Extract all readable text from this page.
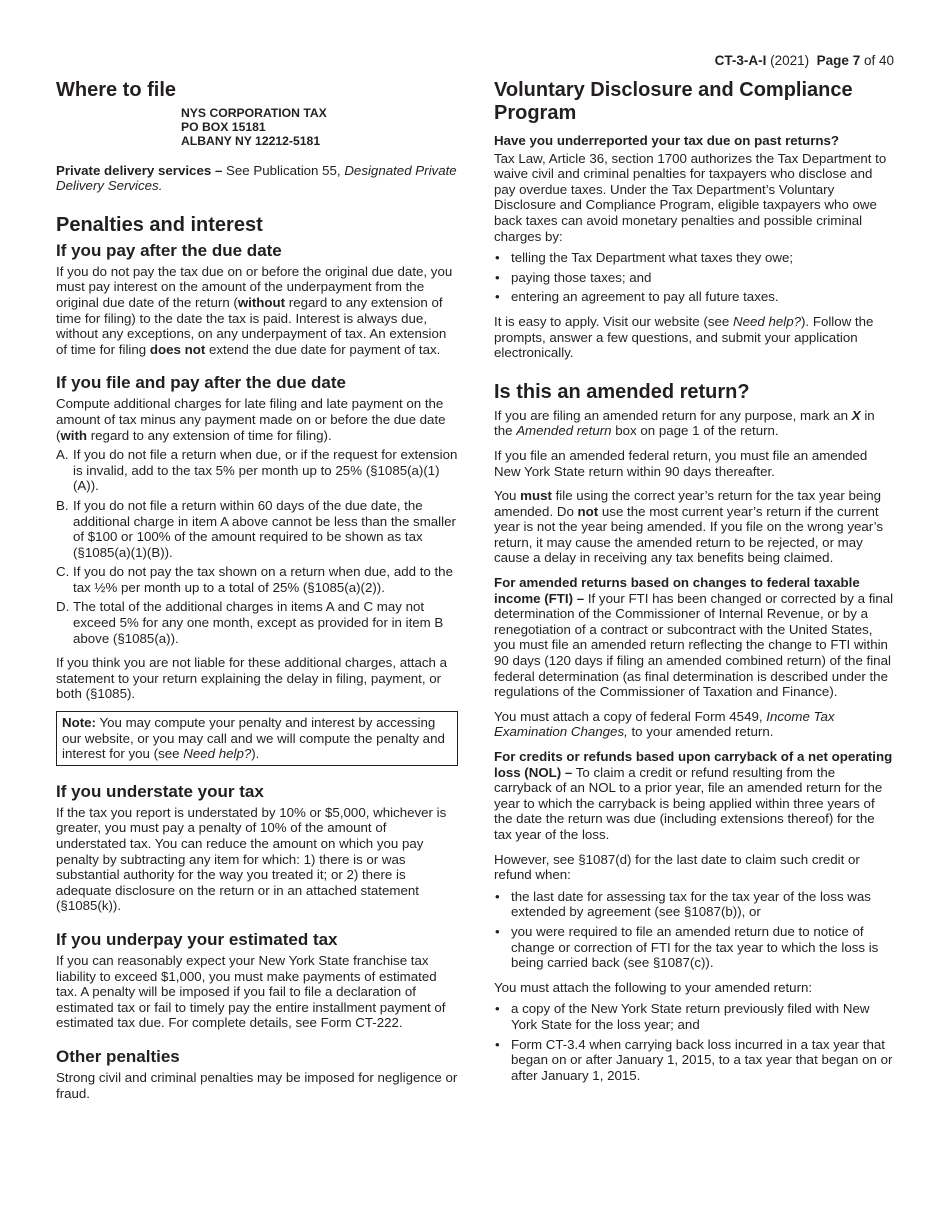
CT-3-A-I (2021) Page 7 of 40
Where to file
NYS CORPORATION TAX
PO BOX 15181
ALBANY NY 12212-5181

Private delivery services – See Publication 55, Designated Private Delivery Services.

Penalties and interest
If you pay after the due date

If you do not pay the tax due on or before the original due date, you must pay interest on the amount of the underpayment from the original due date of the return (without regard to any extension of time for filing) to the date the tax is paid. Interest is always due, without any exceptions, on any underpayment of tax. An extension of time for filing does not extend the due date for payment of tax.

If you file and pay after the due date

Compute additional charges for late filing and late payment on the amount of tax minus any payment made on or before the due date (with regard to any extension of time for filing).

A. If you do not file a return when due, or if the request for extension is invalid, add to the tax 5% per month up to 25% (§1085(a)(1)(A)).
B. If you do not file a return within 60 days of the due date, the additional charge in item A above cannot be less than the smaller of $100 or 100% of the amount required to be shown as tax (§1085(a)(1)(B)).
C. If you do not pay the tax shown on a return when due, add to the tax ½% per month up to a total of 25% (§1085(a)(2)).
D. The total of the additional charges in items A and C may not exceed 5% for any one month, except as provided for in item B above (§1085(a)).

If you think you are not liable for these additional charges, attach a statement to your return explaining the delay in filing, payment, or both (§1085).

Note: You may compute your penalty and interest by accessing our website, or you may call and we will compute the penalty and interest for you (see Need help?).
If you understate your tax

If the tax you report is understated by 10% or $5,000, whichever is greater, you must pay a penalty of 10% of the amount of understated tax. You can reduce the amount on which you pay penalty by subtracting any item for which: 1) there is or was substantial authority for the way you treated it; or 2) there is adequate disclosure on the return or in an attached statement (§1085(k)).

If you underpay your estimated tax

If you can reasonably expect your New York State franchise tax liability to exceed $1,000, you must make payments of estimated tax. A penalty will be imposed if you fail to file a declaration of estimated tax or fail to timely pay the entire installment payment of estimated tax due. For complete details, see Form CT-222.

Other penalties

Strong civil and criminal penalties may be imposed for negligence or fraud.

Voluntary Disclosure and Compliance Program
Have you underreported your tax due on past returns?

Tax Law, Article 36, section 1700 authorizes the Tax Department to waive civil and criminal penalties for taxpayers who disclose and pay overdue taxes. Under the Tax Department’s Voluntary Disclosure and Compliance Program, eligible taxpayers who owe back taxes can avoid monetary penalties and possible criminal charges by:

• telling the Tax Department what taxes they owe;
• paying those taxes; and
• entering an agreement to pay all future taxes.

It is easy to apply. Visit our website (see Need help?). Follow the prompts, answer a few questions, and submit your application electronically.

Is this an amended return?

If you are filing an amended return for any purpose, mark an X in the Amended return box on page 1 of the return.

If you file an amended federal return, you must file an amended New York State return within 90 days thereafter.

You must file using the correct year’s return for the tax year being amended. Do not use the most current year’s return if the current year is not the year being amended. If you file on the wrong year’s return, it may cause the amended return to be rejected, or may cause a delay in receiving any tax benefits being claimed.

For amended returns based on changes to federal taxable income (FTI) – If your FTI has been changed or corrected by a final determination of the Commissioner of Internal Revenue, or by a renegotiation of a contract or subcontract with the United States, you must file an amended return reflecting the change to FTI within 90 days (120 days if filing an amended combined return) of the final federal determination (as final determination is described under the regulations of the Commissioner of Taxation and Finance).

You must attach a copy of federal Form 4549, Income Tax Examination Changes, to your amended return.

For credits or refunds based upon carryback of a net operating loss (NOL) – To claim a credit or refund resulting from the carryback of an NOL to a prior year, file an amended return for the year to which the carryback is being applied within three years of the date the return was due (including extensions thereof) for the tax year of the loss.

However, see §1087(d) for the last date to claim such credit or refund when:

• the last date for assessing tax for the tax year of the loss was extended by agreement (see §1087(b)), or
• you were required to file an amended return due to notice of change or correction of FTI for the tax year to which the loss is being carried back (see §1087(c)).

You must attach the following to your amended return:

• a copy of the New York State return previously filed with New York State for the loss year; and
• Form CT-3.4 when carrying back loss incurred in a tax year that began on or after January 1, 2015, to a tax year that began on or after January 1, 2015.
